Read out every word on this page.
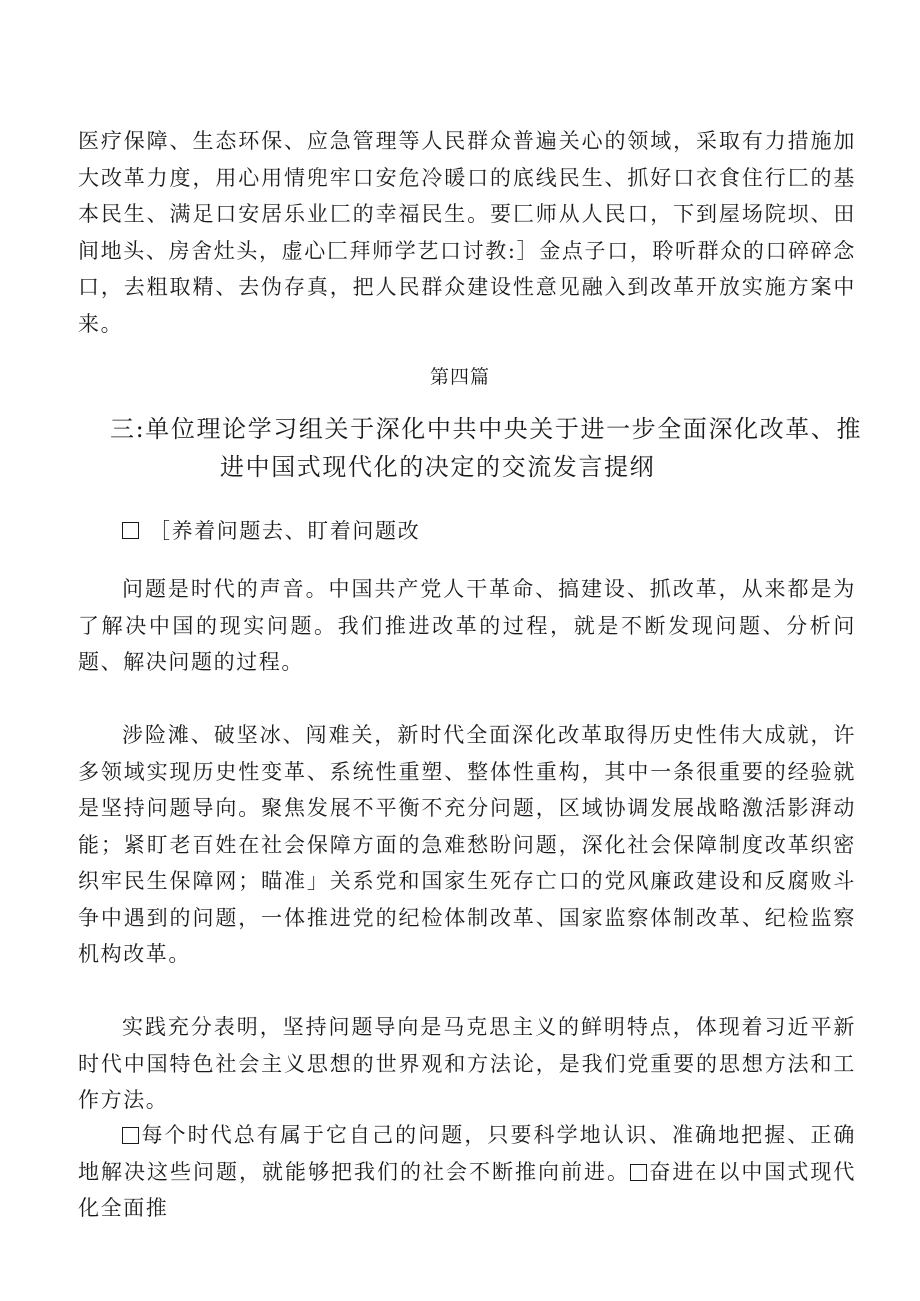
医疗保障、生态环保、应急管理等人民群众普遍关心的领域，采取有力措施加大改革力度，用心用情兜牢口安危冷暖口的底线民生、抓好口衣食住行匚的基本民生、满足口安居乐业匚的幸福民生。要匚师从人民口，下到屋场院坝、田间地头、房舍灶头，虚心匚拜师学艺口讨教:］金点子口，聆听群众的口碎碎念口，去粗取精、去伪存真，把人民群众建设性意见融入到改革开放实施方案中来。

第四篇

三:单位理论学习组关于深化中共中央关于进一步全面深化改革、推
进中国式现代化的决定的交流发言提纲

［养着问题去、盯着问题改

问题是时代的声音。中国共产党人干革命、搞建设、抓改革，从来都是为了解决中国的现实问题。我们推进改革的过程，就是不断发现问题、分析问题、解决问题的过程。

涉险滩、破坚冰、闯难关，新时代全面深化改革取得历史性伟大成就，许多领域实现历史性变革、系统性重塑、整体性重构，其中一条很重要的经验就是坚持问题导向。聚焦发展不平衡不充分问题，区域协调发展战略激活影湃动能；紧盯老百姓在社会保障方面的急难愁盼问题，深化社会保障制度改革织密织牢民生保障网；瞄准」关系党和国家生死存亡口的党风廉政建设和反腐败斗争中遇到的问题，一体推进党的纪检体制改革、国家监察体制改革、纪检监察机构改革。

实践充分表明，坚持问题导向是马克思主义的鲜明特点，体现着习近平新时代中国特色社会主义思想的世界观和方法论，是我们党重要的思想方法和工作方法。

每个时代总有属于它自己的问题，只要科学地认识、准确地把握、正确地解决这些问题，就能够把我们的社会不断推向前进。 奋进在以中国式现代化全面推
